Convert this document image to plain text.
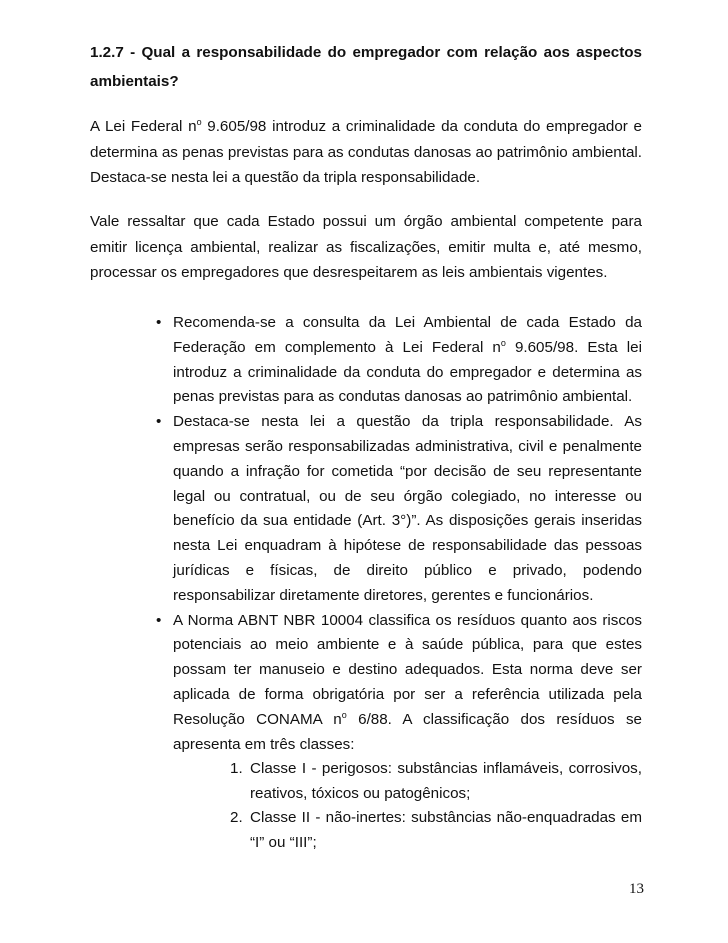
1.2.7 - Qual a responsabilidade do empregador com relação aos aspectos ambientais?

A Lei Federal $n^o$ 9.605/98 introduz a criminalidade da conduta do empregador e determina as penas previstas para as condutas danosas ao patrimônio ambiental. Destaca-se nesta lei a questão da tripla responsabilidade.

Vale ressaltar que cada Estado possui um órgão ambiental competente para emitir licença ambiental, realizar as fiscalizações, emitir multa e, até mesmo, processar os empregadores que desrespeitarem as leis ambientais vigentes.

• Recomenda-se a consulta da Lei Ambiental de cada Estado da Federação em complemento à Lei Federal $n^o$ 9.605/98. Esta lei introduz a criminalidade da conduta do empregador e determina as penas previstas para as condutas danosas ao patrimônio ambiental.
• Destaca-se nesta lei a questão da tripla responsabilidade. As empresas serão responsabilizadas administrativa, civil e penalmente quando a infração for cometida “por decisão de seu representante legal ou contratual, ou de seu órgão colegiado, no interesse ou benefício da sua entidade (Art. 3°)”. As disposições gerais inseridas nesta Lei enquadram à hipótese de responsabilidade das pessoas jurídicas e físicas, de direito público e privado, podendo responsabilizar diretamente diretores, gerentes e funcionários.
• A Norma ABNT NBR 10004 classifica os resíduos quanto aos riscos potenciais ao meio ambiente e à saúde pública, para que estes possam ter manuseio e destino adequados. Esta norma deve ser aplicada de forma obrigatória por ser a referência utilizada pela Resolução CONAMA $n^o$ 6/88. A classificação dos resíduos se apresenta em três classes:
1. Classe I - perigosos: substâncias inflamáveis, corrosivos, reativos, tóxicos ou patogênicos;
2. Classe II - não-inertes: substâncias não-enquadradas em “I” ou “III”;
13
